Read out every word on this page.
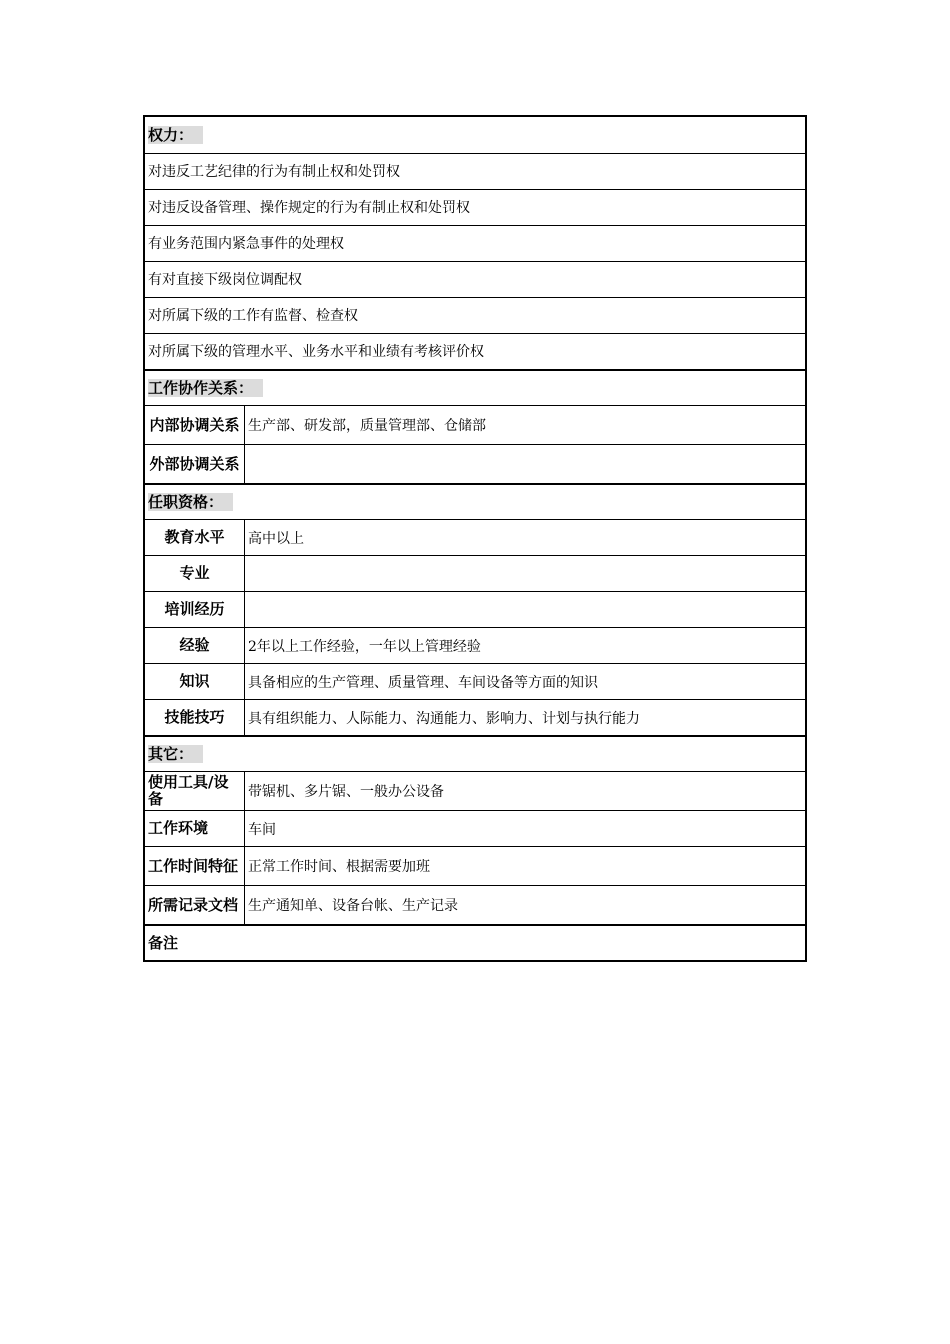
权力：
对违反工艺纪律的行为有制止权和处罚权
对违反设备管理、操作规定的行为有制止权和处罚权
有业务范围内紧急事件的处理权
有对直接下级岗位调配权
对所属下级的工作有监督、检查权
对所属下级的管理水平、业务水平和业绩有考核评价权
工作协作关系：
内部协调关系 生产部、研发部，质量管理部、仓储部
外部协调关系
任职资格：
教育水平	高中以上
专业
培训经历
经验	2年以上工作经验，一年以上管理经验
知识	具备相应的生产管理、质量管理、车间设备等方面的知识
技能技巧	具有组织能力、人际能力、沟通能力、影响力、计划与执行能力
其它：
使用工具/设备	带锯机、多片锯、一般办公设备
工作环境	车间
工作时间特征 正常工作时间、根据需要加班
所需记录文档 生产通知单、设备台帐、生产记录
备注
